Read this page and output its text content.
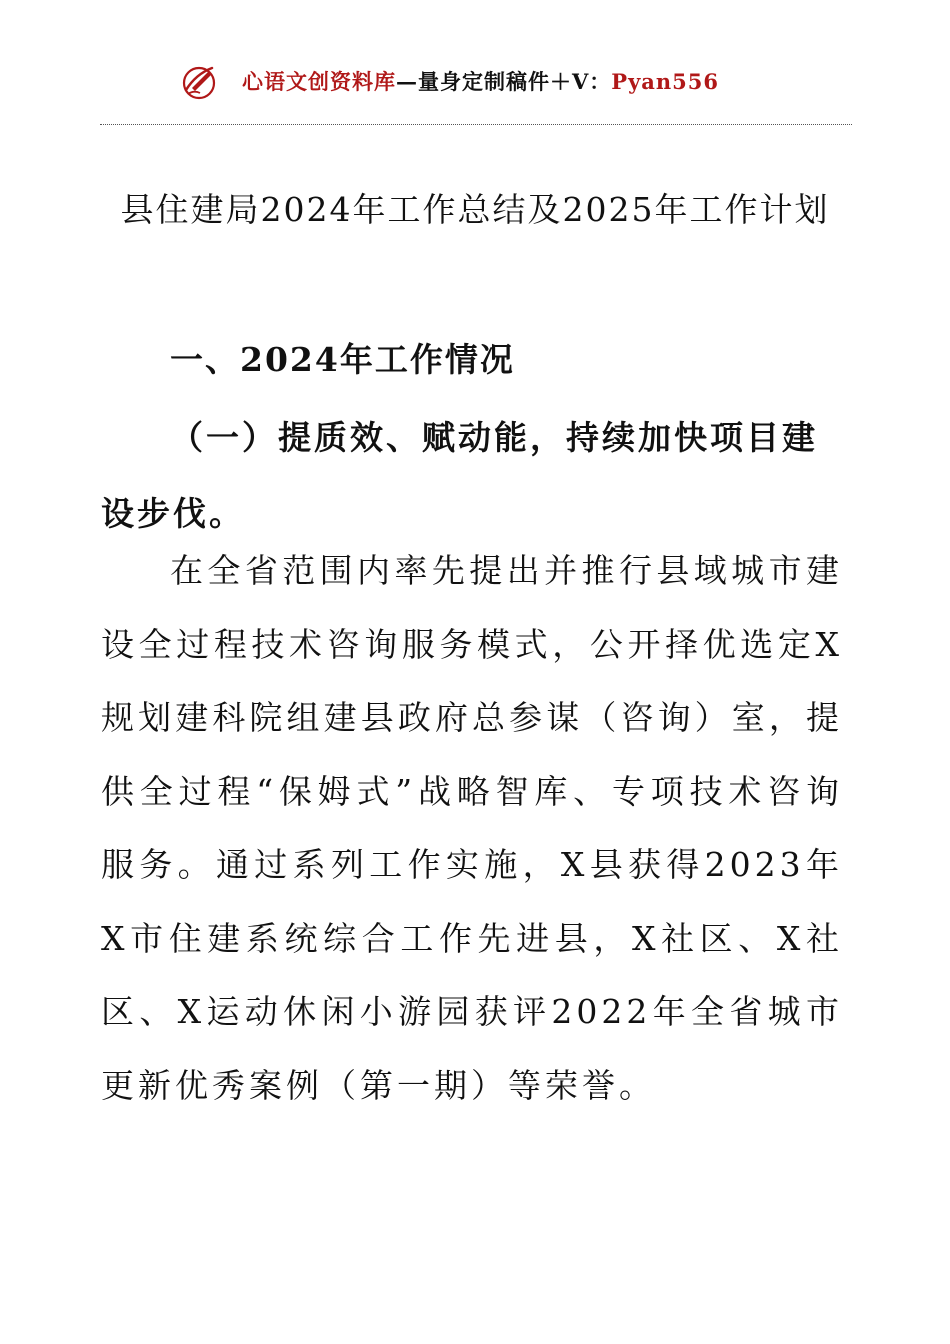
心语文创资料库—量身定制稿件＋V：Pyan556
县住建局2024年工作总结及2025年工作计划
一、2024年工作情况
（一）提质效、赋动能，持续加快项目建设步伐。
在全省范围内率先提出并推行县域城市建设全过程技术咨询服务模式，公开择优选定X规划建科院组建县政府总参谋（咨询）室，提供全过程“保姆式”战略智库、专项技术咨询服务。通过系列工作实施，X县获得2023年X市住建系统综合工作先进县，X社区、X社区、X运动休闲小游园获评2022年全省城市更新优秀案例（第一期）等荣誉。
